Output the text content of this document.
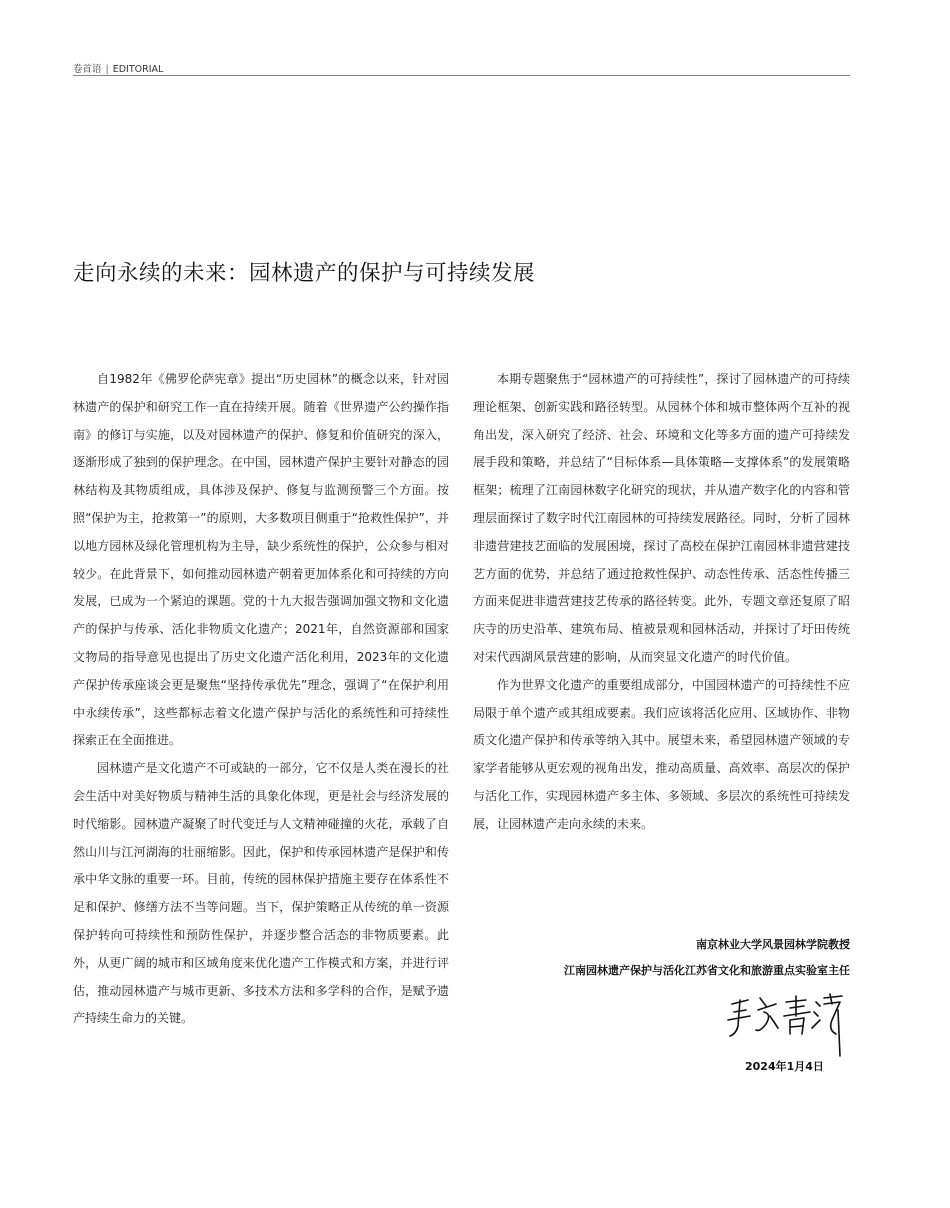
卷首语 | EDITORIAL
走向永续的未来：园林遗产的保护与可持续发展

自1982年《佛罗伦萨宪章》提出“历史园林”的概念以来，针对园林遗产的保护和研究工作一直在持续开展。随着《世界遗产公约操作指南》的修订与实施，以及对园林遗产的保护、修复和价值研究的深入，逐渐形成了独到的保护理念。在中国，园林遗产保护主要针对静态的园林结构及其物质组成，具体涉及保护、修复与监测预警三个方面。按照“保护为主，抢救第一”的原则，大多数项目侧重于“抢救性保护”，并以地方园林及绿化管理机构为主导，缺少系统性的保护，公众参与相对较少。在此背景下，如何推动园林遗产朝着更加体系化和可持续的方向发展，已成为一个紧迫的课题。党的十九大报告强调加强文物和文化遗产的保护与传承、活化非物质文化遗产；2021年，自然资源部和国家文物局的指导意见也提出了历史文化遗产活化利用，2023年的文化遗产保护传承座谈会更是聚焦“坚持传承优先”理念，强调了“在保护利用中永续传承”，这些都标志着文化遗产保护与活化的系统性和可持续性探索正在全面推进。

园林遗产是文化遗产不可或缺的一部分，它不仅是人类在漫长的社会生活中对美好物质与精神生活的具象化体现，更是社会与经济发展的时代缩影。园林遗产凝聚了时代变迁与人文精神碰撞的火花，承载了自然山川与江河湖海的壮丽缩影。因此，保护和传承园林遗产是保护和传承中华文脉的重要一环。目前，传统的园林保护措施主要存在体系性不足和保护、修缮方法不当等问题。当下，保护策略正从传统的单一资源保护转向可持续性和预防性保护，并逐步整合活态的非物质要素。此外，从更广阔的城市和区域角度来优化遗产工作模式和方案，并进行评估，推动园林遗产与城市更新、多技术方法和多学科的合作，是赋予遗产持续生命力的关键。

本期专题聚焦于“园林遗产的可持续性”，探讨了园林遗产的可持续理论框架、创新实践和路径转型。从园林个体和城市整体两个互补的视角出发，深入研究了经济、社会、环境和文化等多方面的遗产可持续发展手段和策略，并总结了“目标体系—具体策略—支撑体系”的发展策略框架；梳理了江南园林数字化研究的现状，并从遗产数字化的内容和管理层面探讨了数字时代江南园林的可持续发展路径。同时，分析了园林非遗营建技艺面临的发展困境，探讨了高校在保护江南园林非遗营建技艺方面的优势，并总结了通过抢救性保护、动态性传承、活态性传播三方面来促进非遗营建技艺传承的路径转变。此外，专题文章还复原了昭庆寺的历史沿革、建筑布局、植被景观和园林活动，并探讨了圩田传统对宋代西湖风景营建的影响，从而突显文化遗产的时代价值。

作为世界文化遗产的重要组成部分，中国园林遗产的可持续性不应局限于单个遗产或其组成要素。我们应该将活化应用、区域协作、非物质文化遗产保护和传承等纳入其中。展望未来，希望园林遗产领域的专家学者能够从更宏观的视角出发，推动高质量、高效率、高层次的保护与活化工作，实现园林遗产多主体、多领域、多层次的系统性可持续发展，让园林遗产走向永续的未来。

南京林业大学风景园林学院教授
江南园林遗产保护与活化江苏省文化和旅游重点实验室主任
2024年1月4日
